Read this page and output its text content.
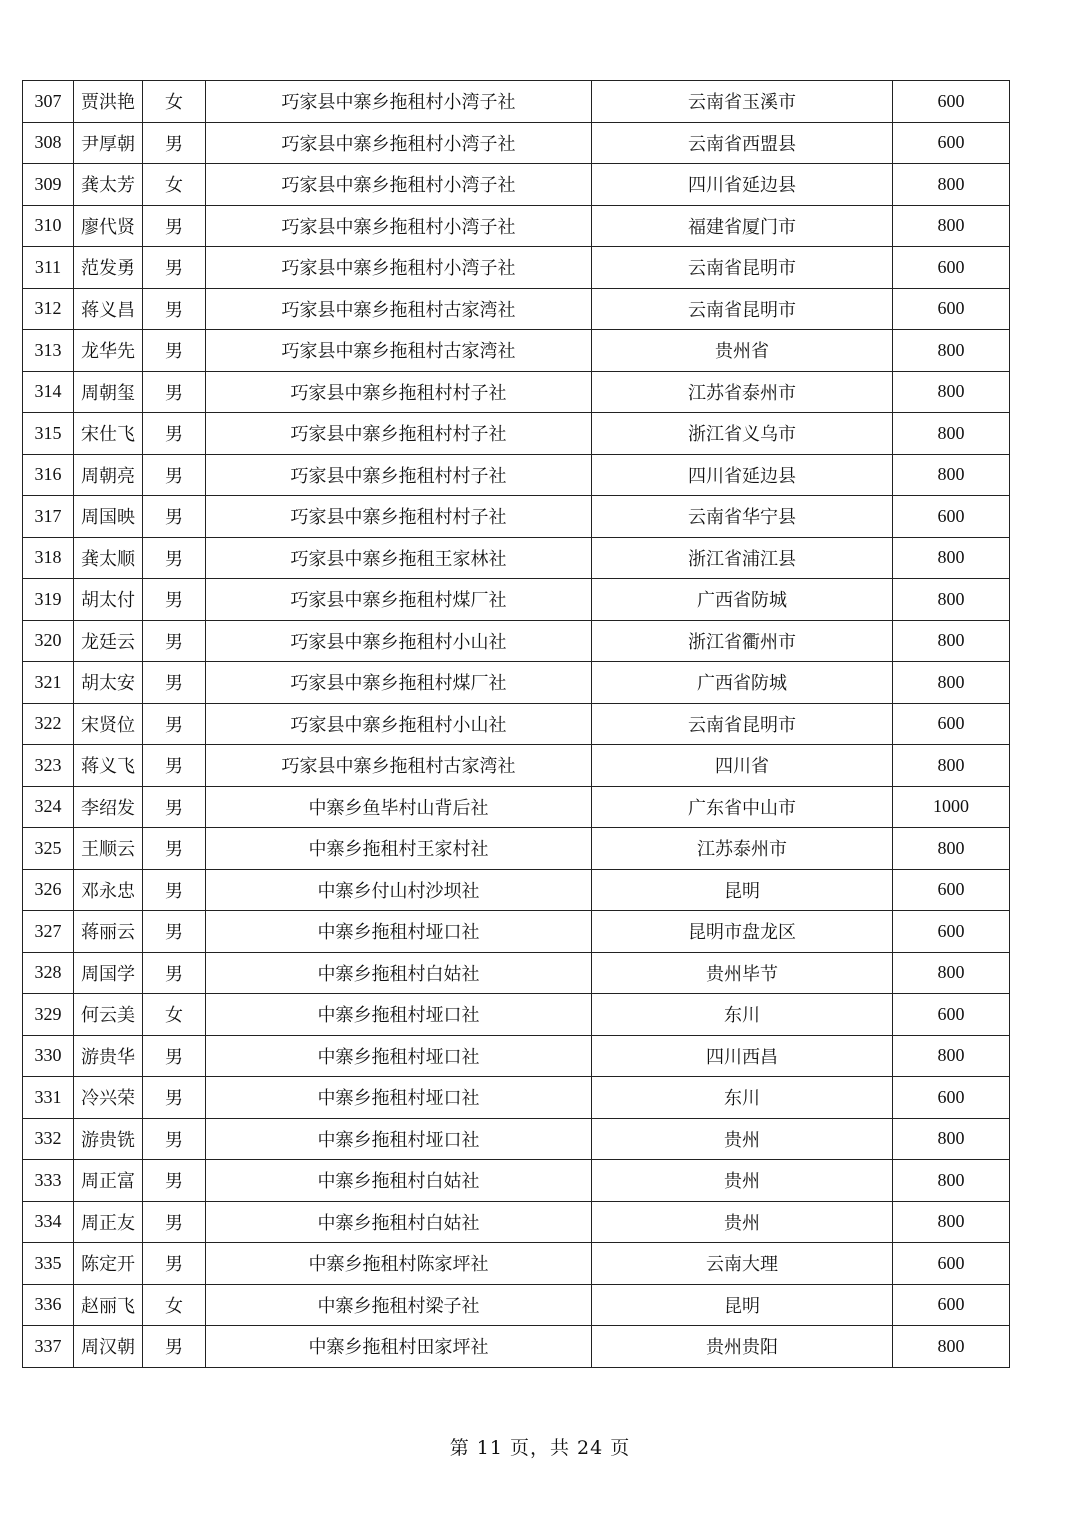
307	贾洪艳	女	巧家县中寨乡拖租村小湾子社	云南省玉溪市	600
308	尹厚朝	男	巧家县中寨乡拖租村小湾子社	云南省西盟县	600
309	龚太芳	女	巧家县中寨乡拖租村小湾子社	四川省延边县	800
310	廖代贤	男	巧家县中寨乡拖租村小湾子社	福建省厦门市	800
311	范发勇	男	巧家县中寨乡拖租村小湾子社	云南省昆明市	600
312	蒋义昌	男	巧家县中寨乡拖租村古家湾社	云南省昆明市	600
313	龙华先	男	巧家县中寨乡拖租村古家湾社	贵州省	800
314	周朝玺	男	巧家县中寨乡拖租村村子社	江苏省泰州市	800
315	宋仕飞	男	巧家县中寨乡拖租村村子社	浙江省义乌市	800
316	周朝亮	男	巧家县中寨乡拖租村村子社	四川省延边县	800
317	周国映	男	巧家县中寨乡拖租村村子社	云南省华宁县	600
318	龚太顺	男	巧家县中寨乡拖租王家林社	浙江省浦江县	800
319	胡太付	男	巧家县中寨乡拖租村煤厂社	广西省防城	800
320	龙廷云	男	巧家县中寨乡拖租村小山社	浙江省衢州市	800
321	胡太安	男	巧家县中寨乡拖租村煤厂社	广西省防城	800
322	宋贤位	男	巧家县中寨乡拖租村小山社	云南省昆明市	600
323	蒋义飞	男	巧家县中寨乡拖租村古家湾社	四川省	800
324	李绍发	男	中寨乡鱼毕村山背后社	广东省中山市	1000
325	王顺云	男	中寨乡拖租村王家村社	江苏泰州市	800
326	邓永忠	男	中寨乡付山村沙坝社	昆明	600
327	蒋丽云	男	中寨乡拖租村垭口社	昆明市盘龙区	600
328	周国学	男	中寨乡拖租村白姑社	贵州毕节	800
329	何云美	女	中寨乡拖租村垭口社	东川	600
330	游贵华	男	中寨乡拖租村垭口社	四川西昌	800
331	冷兴荣	男	中寨乡拖租村垭口社	东川	600
332	游贵铣	男	中寨乡拖租村垭口社	贵州	800
333	周正富	男	中寨乡拖租村白姑社	贵州	800
334	周正友	男	中寨乡拖租村白姑社	贵州	800
335	陈定开	男	中寨乡拖租村陈家坪社	云南大理	600
336	赵丽飞	女	中寨乡拖租村梁子社	昆明	600
337	周汉朝	男	中寨乡拖租村田家坪社	贵州贵阳	800
第 11 页，共 24 页
